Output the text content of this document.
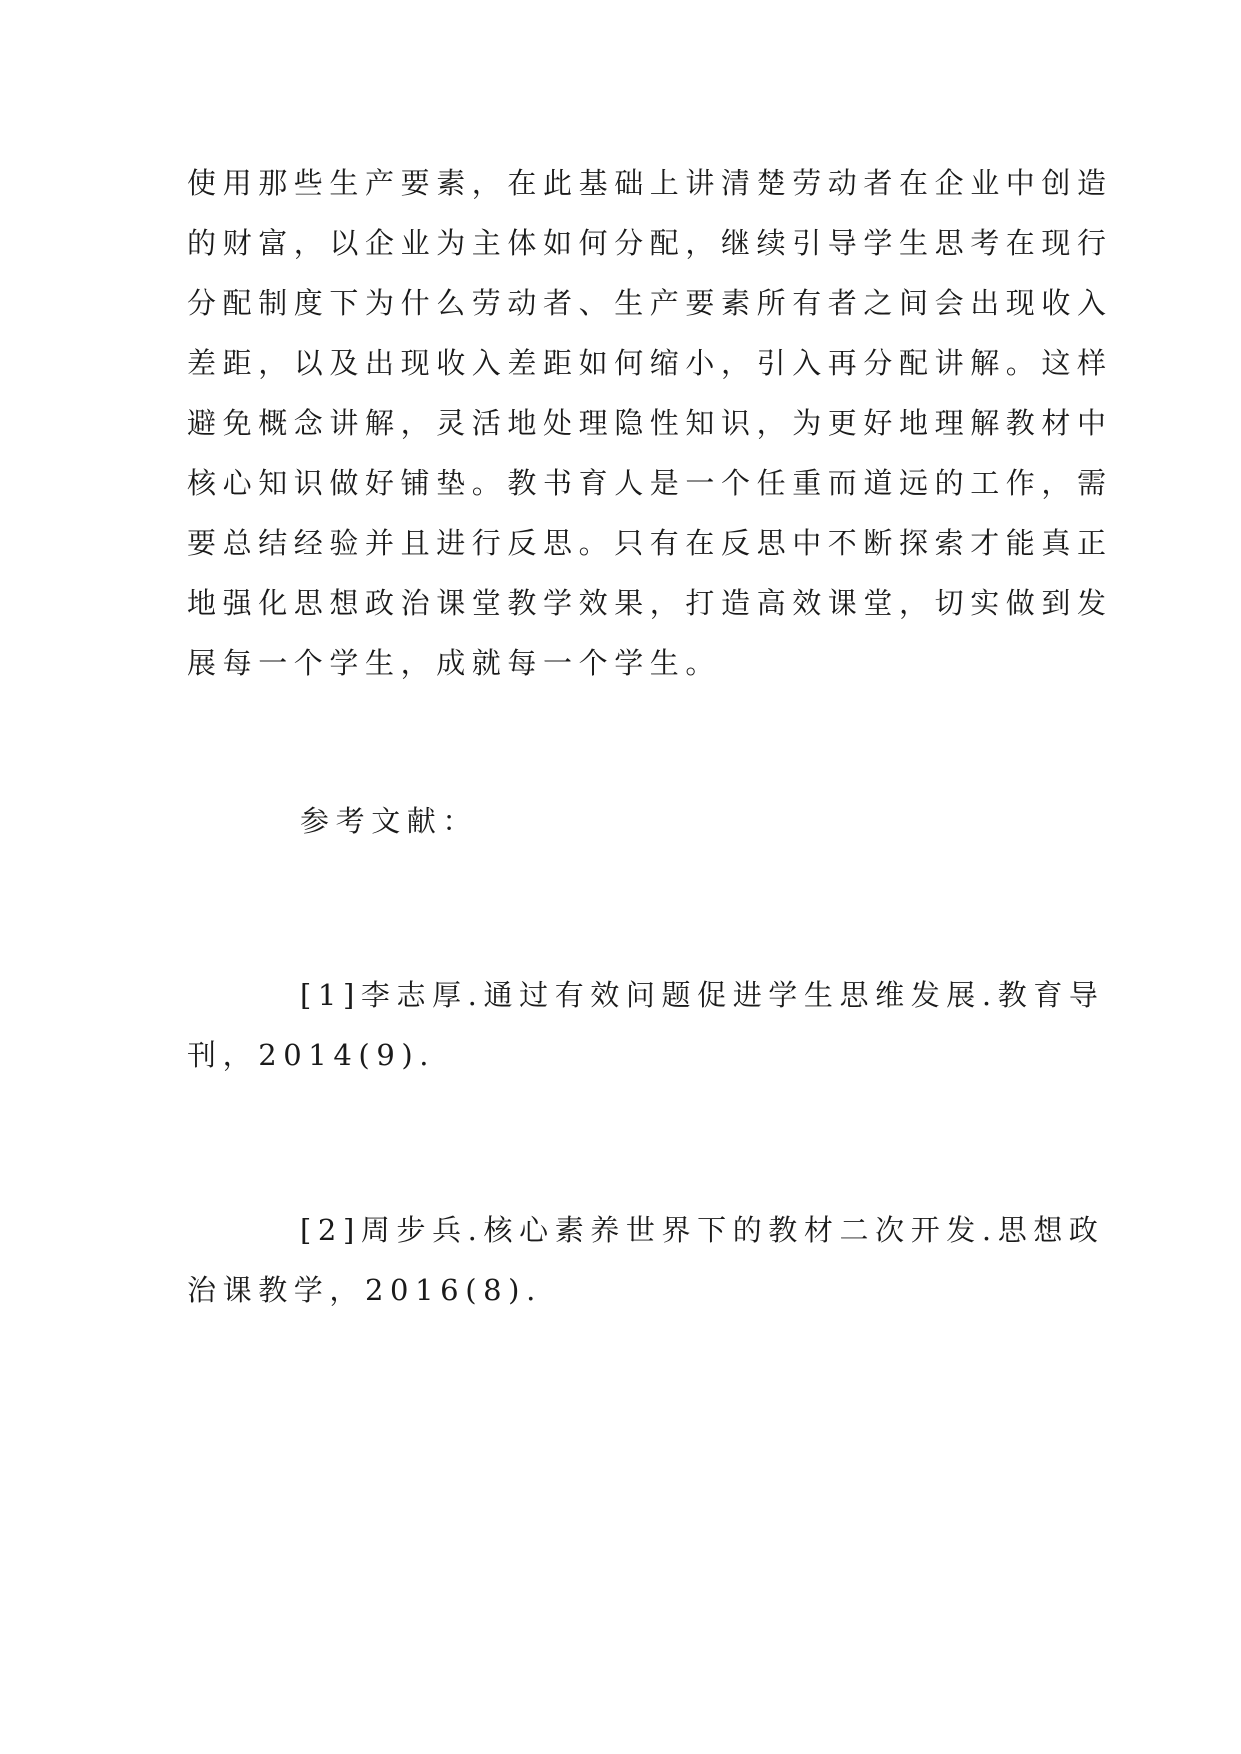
使用那些生产要素，在此基础上讲清楚劳动者在企业中创造
的财富，以企业为主体如何分配，继续引导学生思考在现行
分配制度下为什么劳动者、生产要素所有者之间会出现收入
差距，以及出现收入差距如何缩小，引入再分配讲解。这样
避免概念讲解，灵活地处理隐性知识，为更好地理解教材中
核心知识做好铺垫。教书育人是一个任重而道远的工作，需
要总结经验并且进行反思。只有在反思中不断探索才能真正
地强化思想政治课堂教学效果，打造高效课堂，切实做到发
展每一个学生，成就每一个学生。
参考文献：
[1]李志厚.通过有效问题促进学生思维发展.教育导
刊，2014(9).
[2]周步兵.核心素养世界下的教材二次开发.思想政
治课教学，2016(8).
